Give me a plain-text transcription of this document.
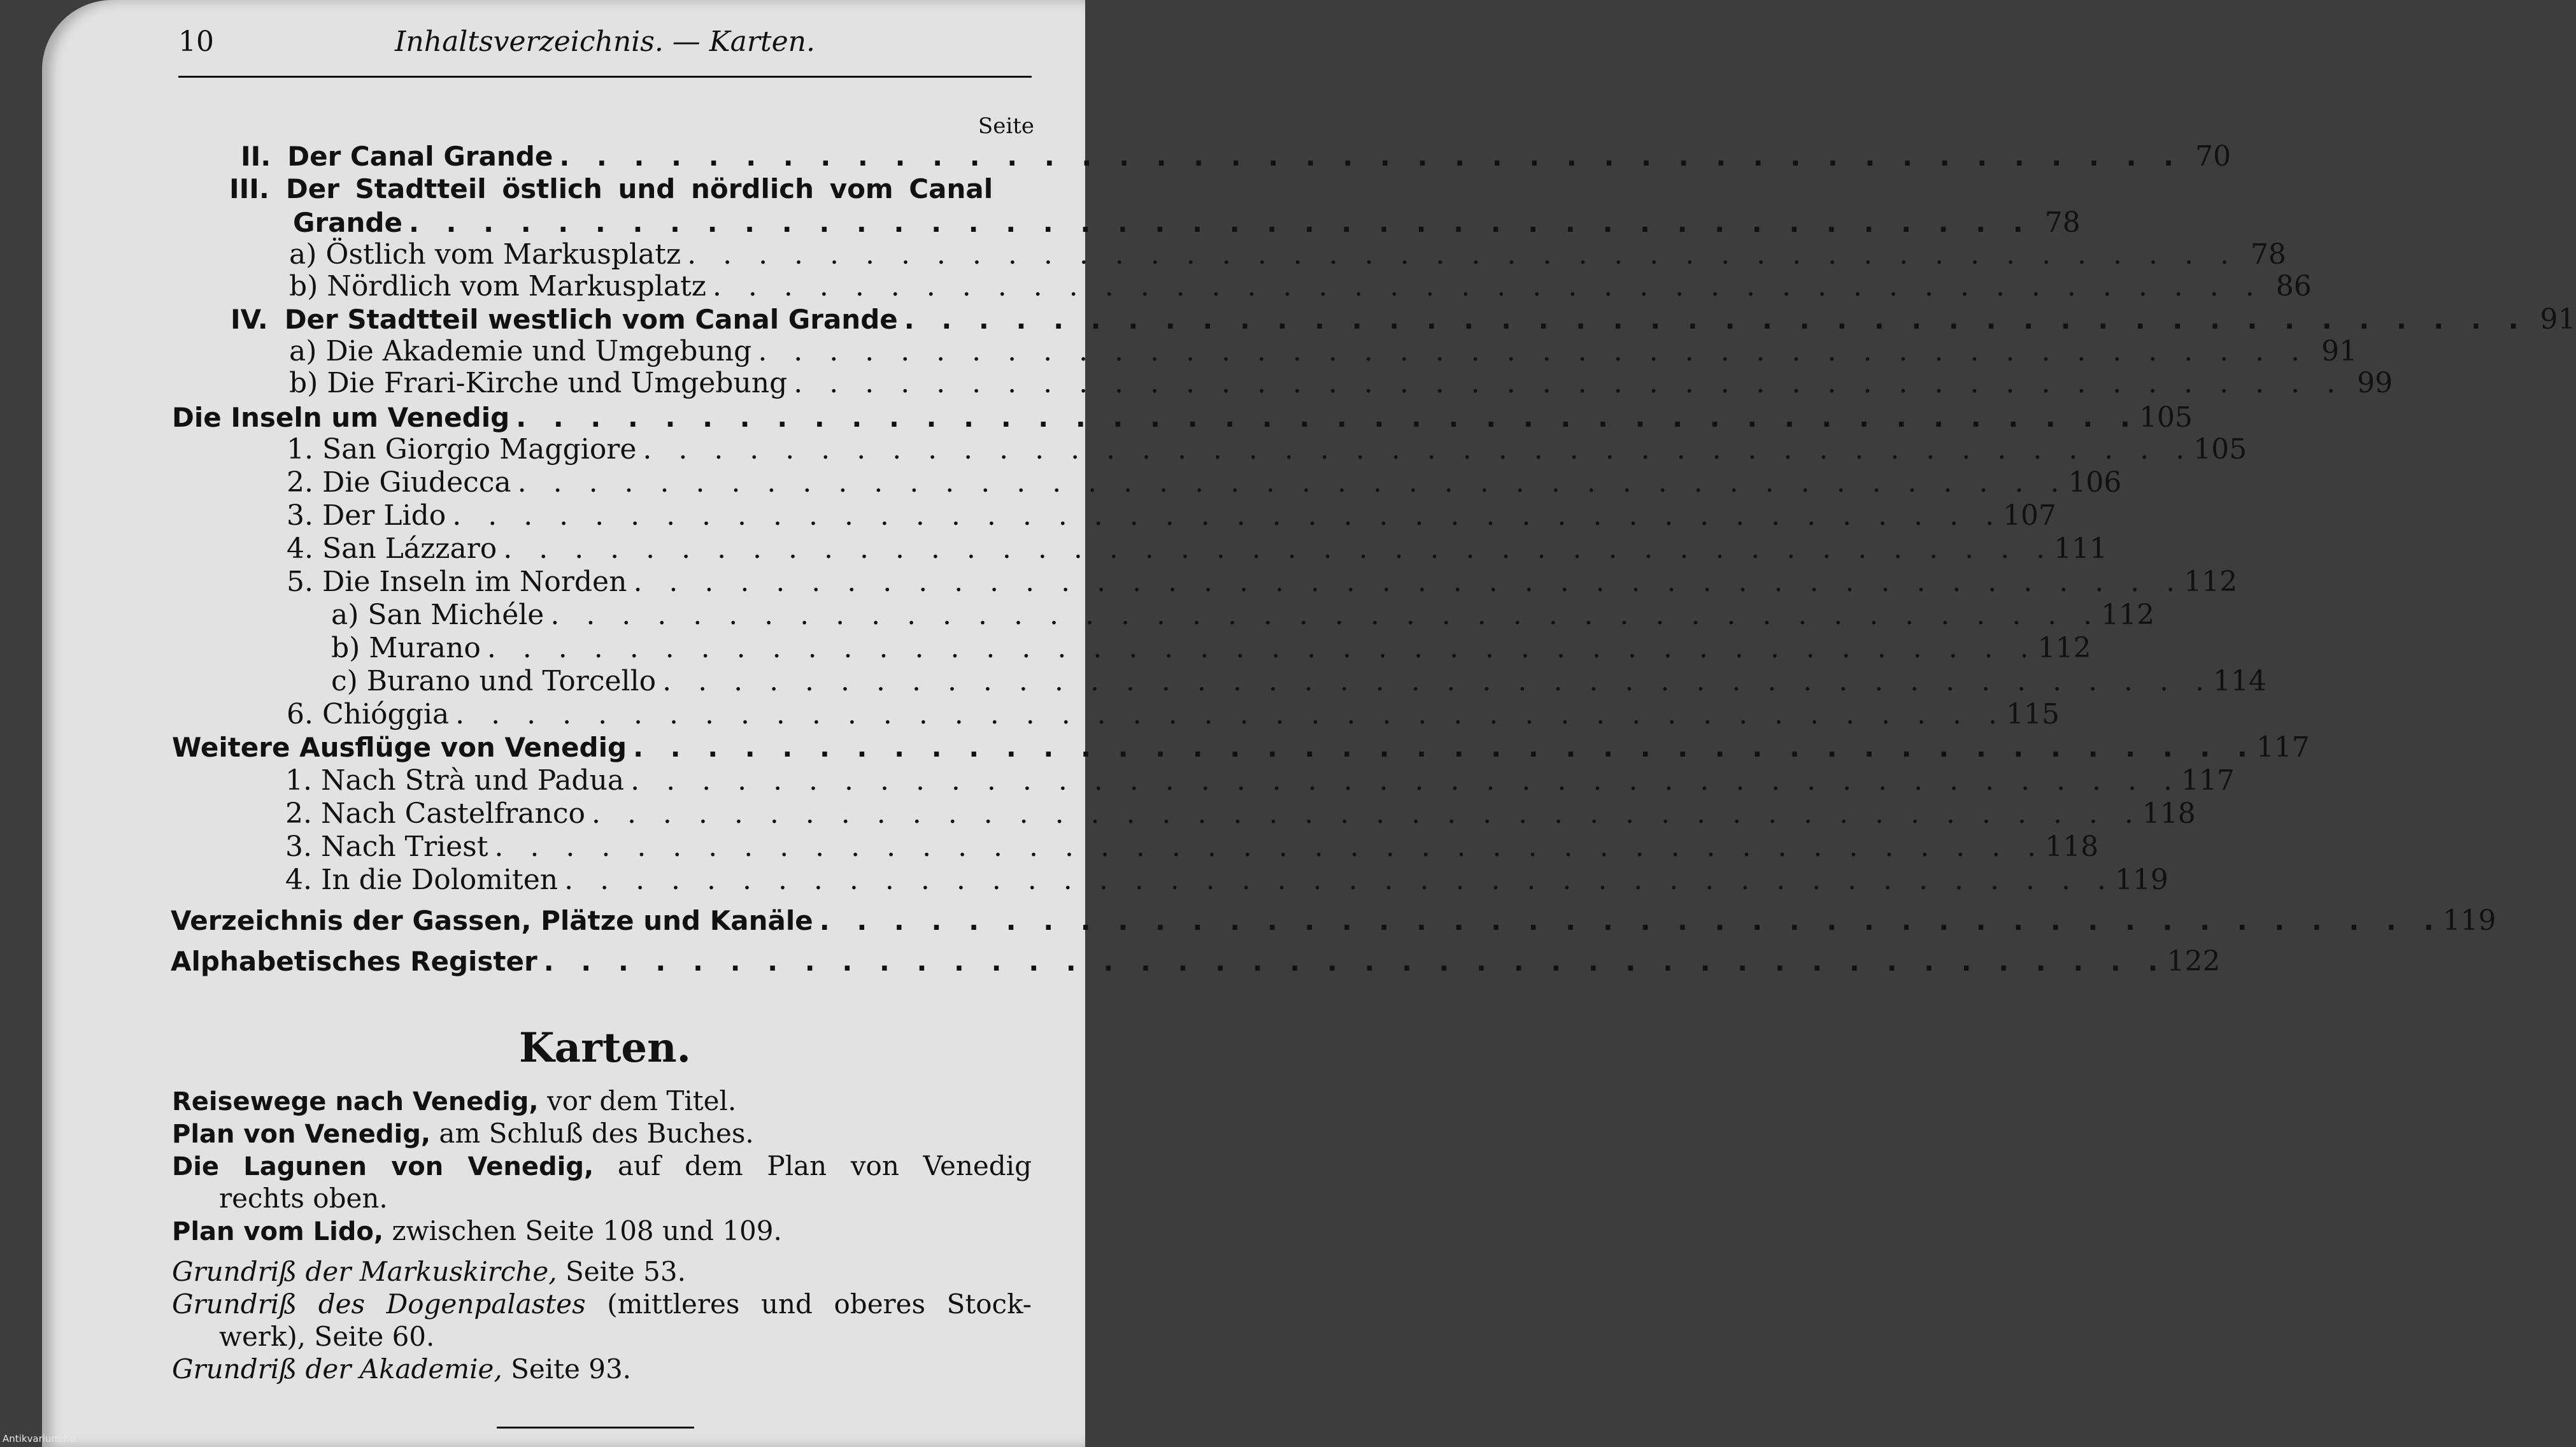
Antikvarium.hu
10	Inhaltsverzeichnis. — Karten.
Seite
II. Der Canal Grande . . . . . . . . . . . . . . . . . . . . . . . . . . . . . . . . . . . . . . . . . . . . 70
III. Der Stadtteil östlich und nördlich vom Canal
Grande . . . . . . . . . . . . . . . . . . . . . . . . . . . . . . . . . . . . . . . . . . . . 78
a) Östlich vom Markusplatz . . . . . . . . . . . . . . . . . . . . . . . . . . . . . . . . . . . . . . . . . . . . 78
b) Nördlich vom Markusplatz . . . . . . . . . . . . . . . . . . . . . . . . . . . . . . . . . . . . . . . . . . . . 86
IV. Der Stadtteil westlich vom Canal Grande . . . . . . . . . . . . . . . . . . . . . . . . . . . . . . . . . . . . . . . . . . . . 91
a) Die Akademie und Umgebung . . . . . . . . . . . . . . . . . . . . . . . . . . . . . . . . . . . . . . . . . . . . 91
b) Die Frari-Kirche und Umgebung . . . . . . . . . . . . . . . . . . . . . . . . . . . . . . . . . . . . . . . . . . . . 99
Die Inseln um Venedig . . . . . . . . . . . . . . . . . . . . . . . . . . . . . . . . . . . . . . . . . . . . 105
1. San Giorgio Maggiore . . . . . . . . . . . . . . . . . . . . . . . . . . . . . . . . . . . . . . . . . . . . 105
2. Die Giudecca . . . . . . . . . . . . . . . . . . . . . . . . . . . . . . . . . . . . . . . . . . . . 106
3. Der Lido . . . . . . . . . . . . . . . . . . . . . . . . . . . . . . . . . . . . . . . . . . . . 107
4. San Lázzaro . . . . . . . . . . . . . . . . . . . . . . . . . . . . . . . . . . . . . . . . . . . . 111
5. Die Inseln im Norden . . . . . . . . . . . . . . . . . . . . . . . . . . . . . . . . . . . . . . . . . . . . 112
a) San Michéle . . . . . . . . . . . . . . . . . . . . . . . . . . . . . . . . . . . . . . . . . . . . 112
b) Murano . . . . . . . . . . . . . . . . . . . . . . . . . . . . . . . . . . . . . . . . . . . . 112
c) Burano und Torcello . . . . . . . . . . . . . . . . . . . . . . . . . . . . . . . . . . . . . . . . . . . . 114
6. Chióggia . . . . . . . . . . . . . . . . . . . . . . . . . . . . . . . . . . . . . . . . . . . . 115
Weitere Ausflüge von Venedig . . . . . . . . . . . . . . . . . . . . . . . . . . . . . . . . . . . . . . . . . . . . 117
1. Nach Strà und Padua . . . . . . . . . . . . . . . . . . . . . . . . . . . . . . . . . . . . . . . . . . . . 117
2. Nach Castelfranco . . . . . . . . . . . . . . . . . . . . . . . . . . . . . . . . . . . . . . . . . . . . 118
3. Nach Triest . . . . . . . . . . . . . . . . . . . . . . . . . . . . . . . . . . . . . . . . . . . . 118
4. In die Dolomiten . . . . . . . . . . . . . . . . . . . . . . . . . . . . . . . . . . . . . . . . . . . . 119
Verzeichnis der Gassen, Plätze und Kanäle . . . . . . . . . . . . . . . . . . . . . . . . . . . . . . . . . . . . . . . . . . . . 119
Alphabetisches Register . . . . . . . . . . . . . . . . . . . . . . . . . . . . . . . . . . . . . . . . . . . . 122
Karten.
Reisewege nach Venedig, vor dem Titel.
Plan von Venedig, am Schluß des Buches.
Die Lagunen von Venedig, auf dem Plan von Venedig
rechts oben.
Plan vom Lido, zwischen Seite 108 und 109.
Grundriß der Markuskirche, Seite 53.
Grundriß des Dogenpalastes (mittleres und oberes Stock-
werk), Seite 60.
Grundriß der Akademie, Seite 93.
